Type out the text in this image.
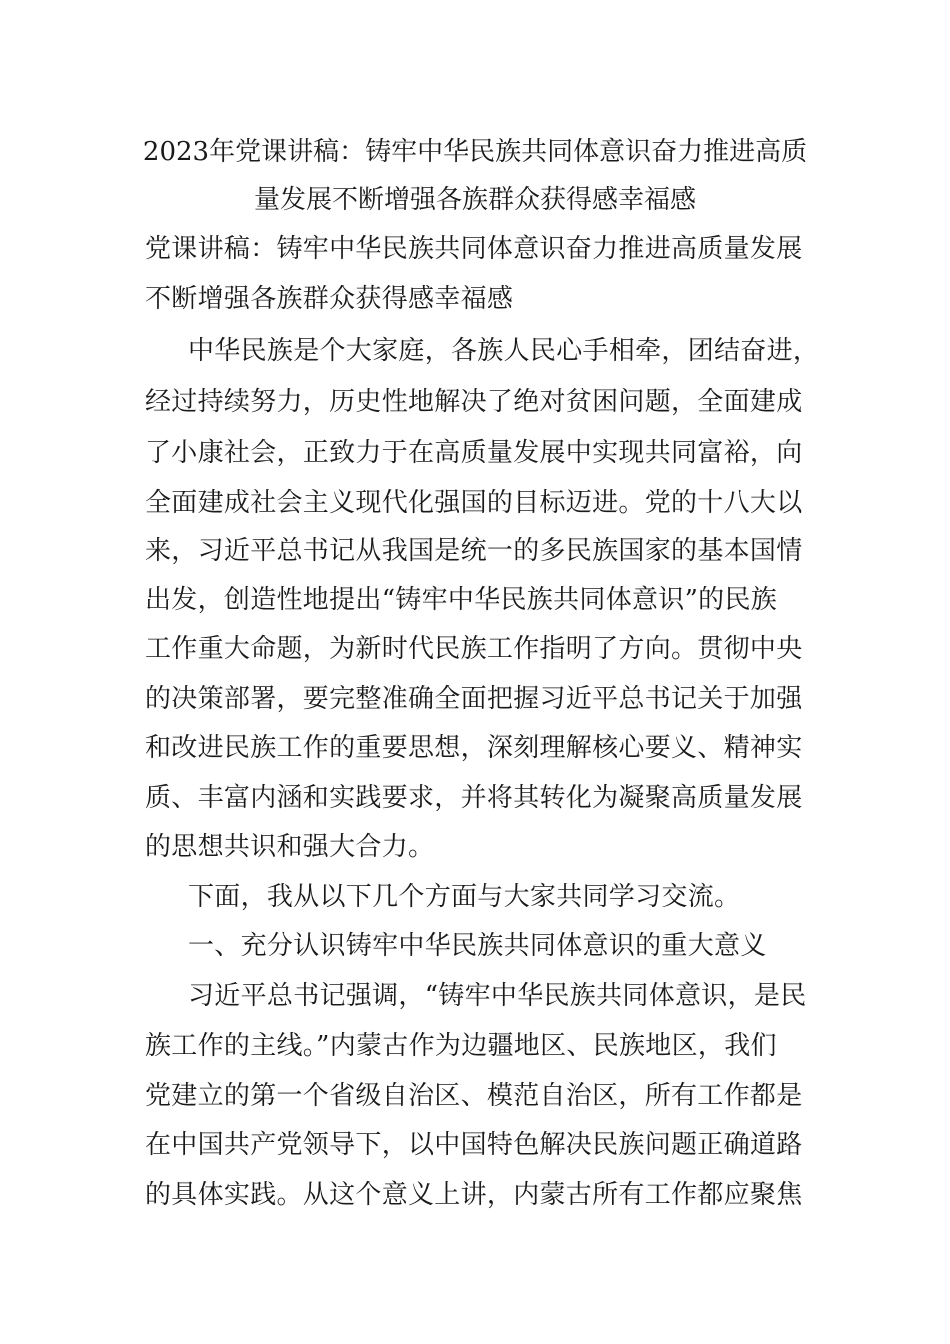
2023年党课讲稿：铸牢中华民族共同体意识奋力推进高质
量发展不断增强各族群众获得感幸福感
党课讲稿：铸牢中华民族共同体意识奋力推进高质量发展
不断增强各族群众获得感幸福感
中华民族是个大家庭，各族人民心手相牵，团结奋进，
经过持续努力，历史性地解决了绝对贫困问题，全面建成
了小康社会，正致力于在高质量发展中实现共同富裕，向
全面建成社会主义现代化强国的目标迈进。党的十八大以
来，习近平总书记从我国是统一的多民族国家的基本国情
出发，创造性地提出“铸牢中华民族共同体意识”的民族
工作重大命题，为新时代民族工作指明了方向。贯彻中央
的决策部署，要完整准确全面把握习近平总书记关于加强
和改进民族工作的重要思想，深刻理解核心要义、精神实
质、丰富内涵和实践要求，并将其转化为凝聚高质量发展
的思想共识和强大合力。
下面，我从以下几个方面与大家共同学习交流。
一、充分认识铸牢中华民族共同体意识的重大意义
习近平总书记强调，“铸牢中华民族共同体意识，是民
族工作的主线。”内蒙古作为边疆地区、民族地区，我们
党建立的第一个省级自治区、模范自治区，所有工作都是
在中国共产党领导下，以中国特色解决民族问题正确道路
的具体实践。从这个意义上讲，内蒙古所有工作都应聚焦
